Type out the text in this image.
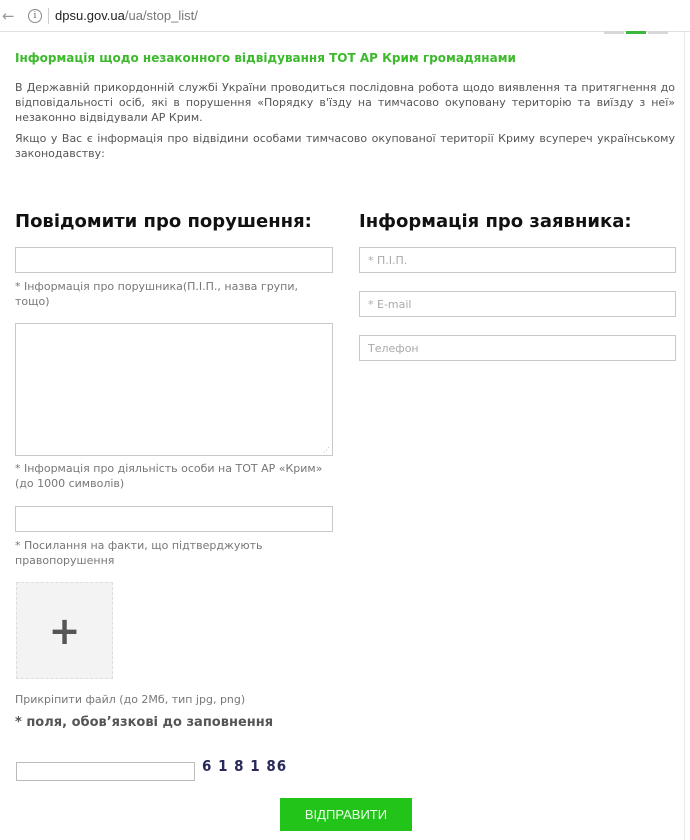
←	i	dpsu.gov.ua/ua/stop_list/
Інформація щодо незаконного відвідування ТОТ АР Крим громадянами
В Державній прикордонній службі України проводиться послідовна робота щодо виявлення та притягнення до відповідальності осіб, які в порушення «Порядку в'їзду на тимчасово окуповану територію та виїзду з неї» незаконно відвідували АР Крим.
Якщо у Вас є інформація про відвідини особами тимчасово окупованої території Криму всупереч українському законодавству:
Повідомити про порушення:	Інформація про заявника:
* Інформація про порушника(П.І.П., назва групи, тощо)
⋰
* Інформація про діяльність особи на ТОТ АР «Крим» (до 1000 символів)
* Посилання на факти, що підтверджують правопорушення
+
Прикріпити файл (до 2Мб, тип jpg, png)
* поля, обов’язкові до заповнення
6 1 8 1 86
ВІДПРАВИТИ
* П.І.П.
* E-mail
Телефон
